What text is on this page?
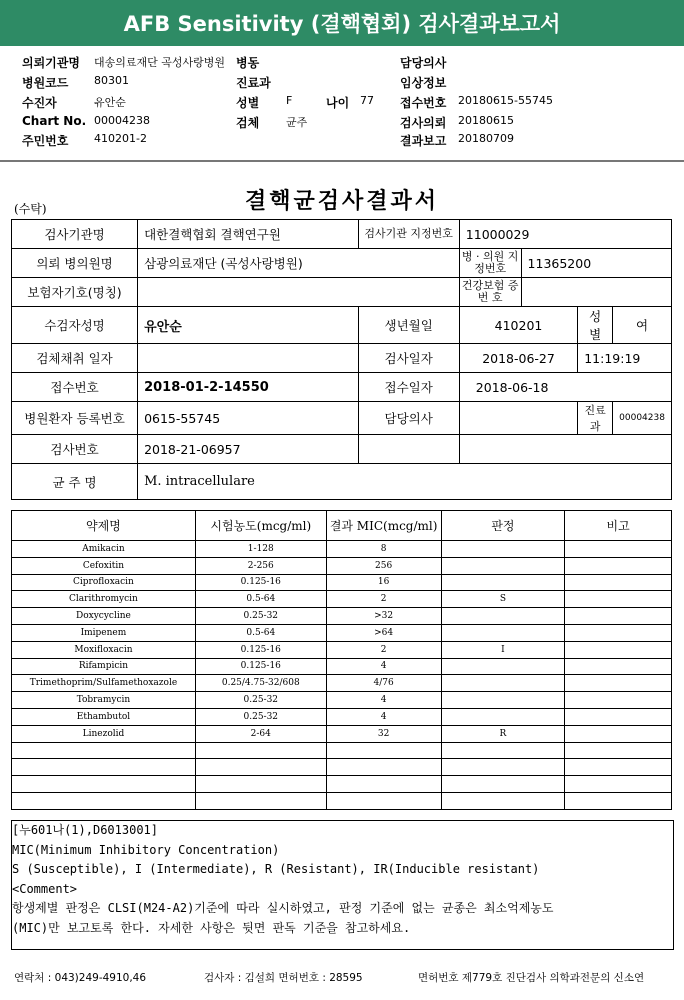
AFB Sensitivity (결핵협회) 검사결과보고서
의뢰기관명 대송의료재단 곡성사랑병원 병동	담당의사
병원코드 80301	진료과	임상정보
수진자	유안순	성별 F	나이 77 접수번호 20180615-55745
Chart No. 00004238	검체 균주	검사의뢰 20180615
주민번호 410201-2	결과보고 20180709
(수탁)	결핵균검사결과서
검사기관명	대한결핵협회 결핵연구원	검사기관 지정번호	11000029			
의뢰 병의원명	삼광의료재단 (곡성사랑병원)		병 · 의원 지정번호	11365200		
보험자기호(명칭)			건강보험 증 번 호			
수검자성명	유안순	생년월일	410201		성별	여
검체채취 일자		검사일자	2018-06-27		11:19:19	
접수번호	2018-01-2-14550	접수일자	2018-06-18			
병원환자 등록번호	0615-55745	담당의사			진료과	00004238
검사번호	2018-21-06957					
균 주 명	M. intracellulare					
약제명	시험농도(mcg/ml)	결과 MIC(mcg/ml)	판정	비고
Amikacin	1-128	8		
Cefoxitin	2-256	256		
Ciprofloxacin	0.125-16	16		
Clarithromycin	0.5-64	2	S	
Doxycycline	0.25-32	>32		
Imipenem	0.5-64	>64		
Moxifloxacin	0.125-16	2	I	
Rifampicin	0.125-16	4		
Trimethoprim/Sulfamethoxazole	0.25/4.75-32/608	4/76		
Tobramycin	0.25-32	4		
Ethambutol	0.25-32	4		
Linezolid	2-64	32	R	

[누601나(1),D6013001]
MIC(Minimum Inhibitory Concentration)
S (Susceptible), I (Intermediate), R (Resistant), IR(Inducible resistant)
<Comment>
항생제별 판정은 CLSI(M24-A2)기준에 따라 실시하였고, 판정 기준에 없는 균종은 최소억제농도
(MIC)만 보고토록 한다. 자세한 사항은 뒷면 판독 기준을 참고하세요.
연락처 : 043)249-4910,46	검사자 : 김설희 면허번호 : 28595	면허번호 제779호 진단검사 의학과전문의 신소연
